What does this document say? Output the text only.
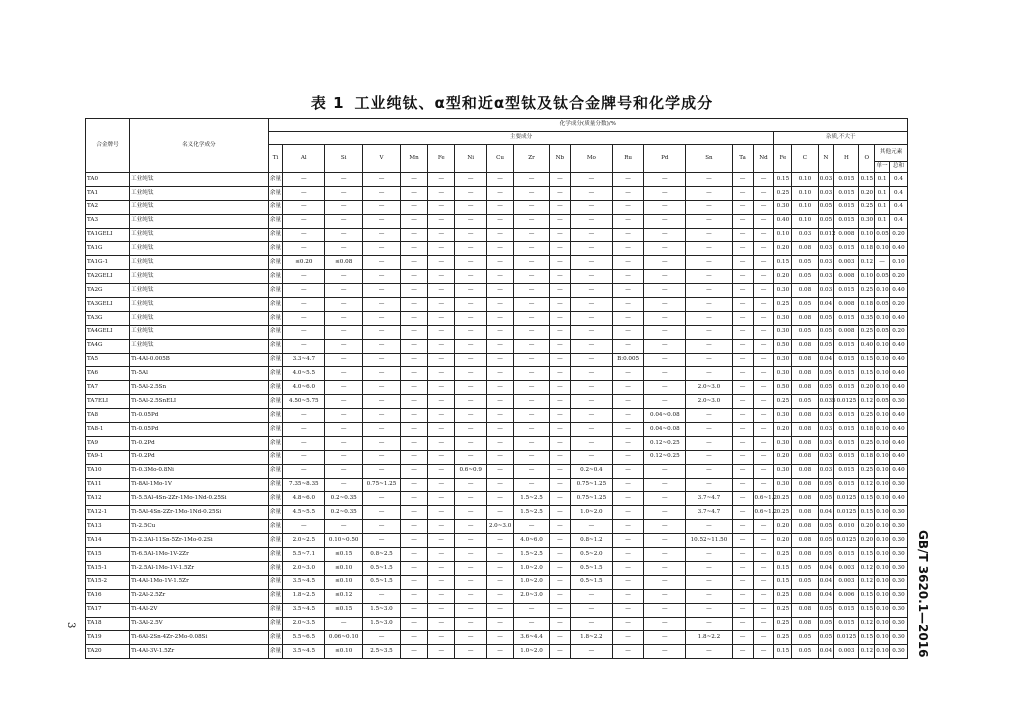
表 1 工业纯钛、α型和近α型钛及钛合金牌号和化学成分
合金牌号	名义化学成分	化学成分(质量分数)/%																						
		主要成分																杂质,不大于						
		Ti	Al	Si	V	Mn	Fe	Ni	Cu	Zr	Nb	Mo	Ru	Pd	Sn	Ta	Nd	Fe	C	N	H	O	其他元素	
																							单一	总和
TA0	工业纯钛	余量	—	—	—	—	—	—	—	—	—	—	—	—	—	—	—	0.15	0.10	0.03	0.015	0.15	0.1	0.4
TA1	工业纯钛	余量	—	—	—	—	—	—	—	—	—	—	—	—	—	—	—	0.25	0.10	0.03	0.015	0.20	0.1	0.4
TA2	工业纯钛	余量	—	—	—	—	—	—	—	—	—	—	—	—	—	—	—	0.30	0.10	0.05	0.015	0.25	0.1	0.4
TA3	工业纯钛	余量	—	—	—	—	—	—	—	—	—	—	—	—	—	—	—	0.40	0.10	0.05	0.015	0.30	0.1	0.4
TA1GELI	工业纯钛	余量	—	—	—	—	—	—	—	—	—	—	—	—	—	—	—	0.10	0.03	0.012	0.008	0.10	0.05	0.20
TA1G	工业纯钛	余量	—	—	—	—	—	—	—	—	—	—	—	—	—	—	—	0.20	0.08	0.03	0.015	0.18	0.10	0.40
TA1G-1	工业纯钛	余量	≤0.20	≤0.08	—	—	—	—	—	—	—	—	—	—	—	—	—	0.15	0.05	0.03	0.003	0.12	—	0.10
TA2GELI	工业纯钛	余量	—	—	—	—	—	—	—	—	—	—	—	—	—	—	—	0.20	0.05	0.03	0.008	0.10	0.05	0.20
TA2G	工业纯钛	余量	—	—	—	—	—	—	—	—	—	—	—	—	—	—	—	0.30	0.08	0.03	0.015	0.25	0.10	0.40
TA3GELI	工业纯钛	余量	—	—	—	—	—	—	—	—	—	—	—	—	—	—	—	0.25	0.05	0.04	0.008	0.18	0.05	0.20
TA3G	工业纯钛	余量	—	—	—	—	—	—	—	—	—	—	—	—	—	—	—	0.30	0.08	0.05	0.015	0.35	0.10	0.40
TA4GELI	工业纯钛	余量	—	—	—	—	—	—	—	—	—	—	—	—	—	—	—	0.30	0.05	0.05	0.008	0.25	0.05	0.20
TA4G	工业纯钛	余量	—	—	—	—	—	—	—	—	—	—	—	—	—	—	—	0.50	0.08	0.05	0.015	0.40	0.10	0.40
TA5	Ti-4Al-0.005B	余量	3.3~4.7	—	—	—	—	—	—	—	—	—	B:0.005	—	—	—	—	0.30	0.08	0.04	0.015	0.15	0.10	0.40
TA6	Ti-5Al	余量	4.0~5.5	—	—	—	—	—	—	—	—	—	—	—	—	—	—	0.30	0.08	0.05	0.015	0.15	0.10	0.40
TA7	Ti-5Al-2.5Sn	余量	4.0~6.0	—	—	—	—	—	—	—	—	—	—	—	2.0~3.0	—	—	0.50	0.08	0.05	0.015	0.20	0.10	0.40
TA7ELI	Ti-5Al-2.5SnELI	余量	4.50~5.75	—	—	—	—	—	—	—	—	—	—	—	2.0~3.0	—	—	0.25	0.05	0.035	0.0125	0.12	0.05	0.30
TA8	Ti-0.05Pd	余量	—	—	—	—	—	—	—	—	—	—	—	0.04~0.08	—	—	—	0.30	0.08	0.03	0.015	0.25	0.10	0.40
TA8-1	Ti-0.05Pd	余量	—	—	—	—	—	—	—	—	—	—	—	0.04~0.08	—	—	—	0.20	0.08	0.03	0.015	0.18	0.10	0.40
TA9	Ti-0.2Pd	余量	—	—	—	—	—	—	—	—	—	—	—	0.12~0.25	—	—	—	0.30	0.08	0.03	0.015	0.25	0.10	0.40
TA9-1	Ti-0.2Pd	余量	—	—	—	—	—	—	—	—	—	—	—	0.12~0.25	—	—	—	0.20	0.08	0.03	0.015	0.18	0.10	0.40
TA10	Ti-0.3Mo-0.8Ni	余量	—	—	—	—	—	0.6~0.9	—	—	—	0.2~0.4	—	—	—	—	—	0.30	0.08	0.03	0.015	0.25	0.10	0.40
TA11	Ti-8Al-1Mo-1V	余量	7.35~8.35	—	0.75~1.25	—	—	—	—	—	—	0.75~1.25	—	—	—	—	—	0.30	0.08	0.05	0.015	0.12	0.10	0.30
TA12	Ti-5.5Al-4Sn-2Zr-1Mo-1Nd-0.25Si	余量	4.8~6.0	0.2~0.35	—	—	—	—	—	1.5~2.5	—	0.75~1.25	—	—	3.7~4.7	—	0.6~1.2	0.25	0.08	0.05	0.0125	0.15	0.10	0.40
TA12-1	Ti-5Al-4Sn-2Zr-1Mo-1Nd-0.25Si	余量	4.5~5.5	0.2~0.35	—	—	—	—	—	1.5~2.5	—	1.0~2.0	—	—	3.7~4.7	—	0.6~1.2	0.25	0.08	0.04	0.0125	0.15	0.10	0.30
TA13	Ti-2.5Cu	余量	—	—	—	—	—	—	2.0~3.0	—	—	—	—	—	—	—	—	0.20	0.08	0.05	0.010	0.20	0.10	0.30
TA14	Ti-2.3Al-11Sn-5Zr-1Mo-0.2Si	余量	2.0~2.5	0.10~0.50	—	—	—	—	—	4.0~6.0	—	0.8~1.2	—	—	10.52~11.50	—	—	0.20	0.08	0.05	0.0125	0.20	0.10	0.30
TA15	Ti-6.5Al-1Mo-1V-2Zr	余量	5.5~7.1	≤0.15	0.8~2.5	—	—	—	—	1.5~2.5	—	0.5~2.0	—	—	—	—	—	0.25	0.08	0.05	0.015	0.15	0.10	0.30
TA15-1	Ti-2.5Al-1Mo-1V-1.5Zr	余量	2.0~3.0	≤0.10	0.5~1.5	—	—	—	—	1.0~2.0	—	0.5~1.5	—	—	—	—	—	0.15	0.05	0.04	0.003	0.12	0.10	0.30
TA15-2	Ti-4Al-1Mo-1V-1.5Zr	余量	3.5~4.5	≤0.10	0.5~1.5	—	—	—	—	1.0~2.0	—	0.5~1.5	—	—	—	—	—	0.15	0.05	0.04	0.003	0.12	0.10	0.30
TA16	Ti-2Al-2.5Zr	余量	1.8~2.5	≤0.12	—	—	—	—	—	2.0~3.0	—	—	—	—	—	—	—	0.25	0.08	0.04	0.006	0.15	0.10	0.30
TA17	Ti-4Al-2V	余量	3.5~4.5	≤0.15	1.5~3.0	—	—	—	—	—	—	—	—	—	—	—	—	0.25	0.08	0.05	0.015	0.15	0.10	0.30
TA18	Ti-3Al-2.5V	余量	2.0~3.5	—	1.5~3.0	—	—	—	—	—	—	—	—	—	—	—	—	0.25	0.08	0.05	0.015	0.12	0.10	0.30
TA19	Ti-6Al-2Sn-4Zr-2Mo-0.08Si	余量	5.5~6.5	0.06~0.10	—	—	—	—	—	3.6~4.4	—	1.8~2.2	—	—	1.8~2.2	—	—	0.25	0.05	0.05	0.0125	0.15	0.10	0.30
TA20	Ti-4Al-3V-1.5Zr	余量	3.5~4.5	≤0.10	2.5~3.5	—	—	—	—	1.0~2.0	—	—	—	—	—	—	—	0.15	0.05	0.04	0.003	0.12	0.10	0.30 GB/T 3620.1—2016
3
